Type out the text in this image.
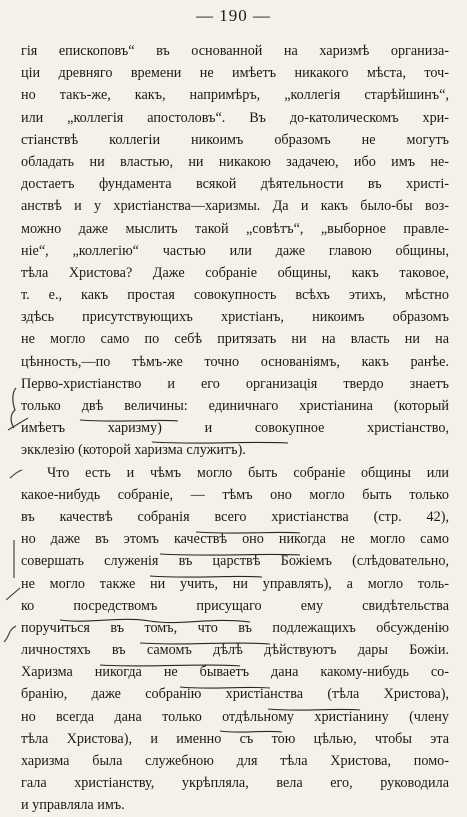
— 190 —
гія епископовъ“ въ основанной на харизмѣ организа-
ціи древняго времени не имѣетъ никакого мѣста, точ-
но такъ-же, какъ, напримѣръ, „коллегія старѣйшинъ“,
или „коллегія апостоловъ“. Въ до-католическомъ хри-
стіанствѣ коллегіи никоимъ образомъ не могутъ
обладать ни властью, ни никакою задачею, ибо имъ не-
достаетъ фундамента всякой дѣятельности въ христі-
анствѣ и у христіанства—харизмы. Да и какъ было-бы воз-
можно даже мыслить такой „совѣтъ“, „выборное правле-
ніе“, „коллегію“ частью или даже главою общины,
тѣла Христова? Даже собраніе общины, какъ таковое,
т. е., какъ простая совокупность всѣхъ этихъ, мѣстно
здѣсь присутствующихъ христіанъ, никоимъ образомъ
не могло само по себѣ притязать ни на власть ни на
цѣнность,—по тѣмъ-же точно основаніямъ, какъ ранѣе.
Перво-христіанство и его организація твердо знаетъ
только двѣ величины: единичнаго христіанина (который
имѣетъ харизму) и совокупное христіанство,
экклезію (которой харизма служитъ).
Что есть и чѣмъ могло быть собраніе общины или
какое-нибудь собраніе, — тѣмъ оно могло быть только
въ качествѣ собранія всего христіанства (стр. 42),
но даже въ этомъ качествѣ оно никогда не могло само
совершать служенія въ царствѣ Божіемъ (слѣдовательно,
не могло также ни учить, ни управлять), а могло толь-
ко посредствомъ присущаго ему свидѣтельства
поручиться въ томъ, что въ подлежащихъ обсужденію
личностяхъ въ самомъ дѣлѣ дѣйствуютъ дары Божіи.
Харизма никогда не бываетъ дана какому-нибудь со-
бранію, даже собранію христіанства (тѣла Христова),
но всегда дана только отдѣльному христіанину (члену
тѣла Христова), и именно съ тою цѣлью, чтобы эта
харизма была служебною для тѣла Христова, помо-
гала христіанству, укрѣпляла, вела его, руководила
и управляла имъ.
